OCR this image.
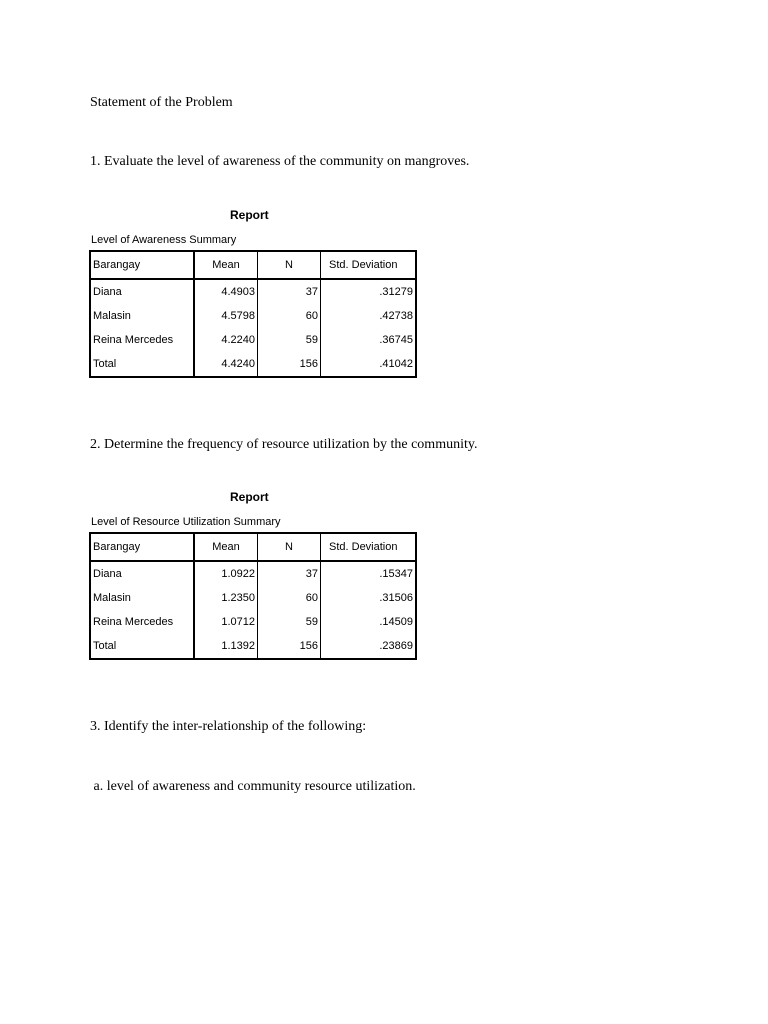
Statement of the Problem
1. Evaluate the level of awareness of the community on mangroves.
Report
Level of Awareness Summary
Barangay	Mean	N	Std. Deviation
Diana	4.4903	37	.31279
Malasin	4.5798	60	.42738
Reina Mercedes	4.2240	59	.36745
Total	4.4240	156	.41042
2. Determine the frequency of resource utilization by the community.
Report
Level of Resource Utilization Summary
Barangay	Mean	N	Std. Deviation
Diana	1.0922	37	.15347
Malasin	1.2350	60	.31506
Reina Mercedes	1.0712	59	.14509
Total	1.1392	156	.23869
3. Identify the inter-relationship of the following:
a. level of awareness and community resource utilization.
